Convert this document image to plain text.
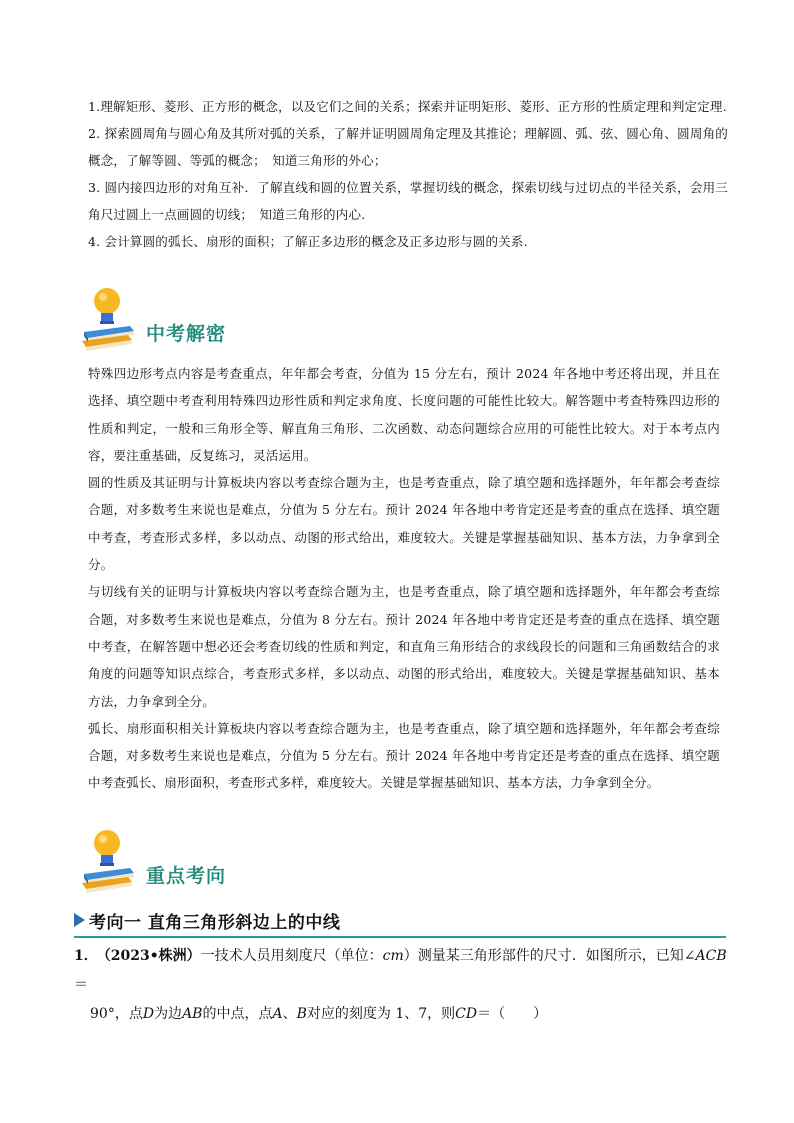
1.理解矩形、菱形、正方形的概念，以及它们之间的关系；探索并证明矩形、菱形、正方形的性质定理和判定定理.

2. 探索圆周角与圆心角及其所对弧的关系，了解并证明圆周角定理及其推论；理解圆、弧、弦、圆心角、圆周角的概念，了解等圆、等弧的概念；　知道三角形的外心；

3. 圆内接四边形的对角互补．了解直线和圆的位置关系，掌握切线的概念，探索切线与过切点的半径关系，会用三角尺过圆上一点画圆的切线；　知道三角形的内心.

4. 会计算圆的弧长、扇形的面积；了解正多边形的概念及正多边形与圆的关系.

中考解密

特殊四边形考点内容是考查重点，年年都会考查，分值为 15 分左右，预计 2024 年各地中考还将出现，并且在选择、填空题中考查利用特殊四边形性质和判定求角度、长度问题的可能性比较大。解答题中考查特殊四边形的性质和判定，一般和三角形全等、解直角三角形、二次函数、动态问题综合应用的可能性比较大。对于本考点内容，要注重基础，反复练习，灵活运用。

圆的性质及其证明与计算板块内容以考查综合题为主，也是考查重点，除了填空题和选择题外，年年都会考查综合题，对多数考生来说也是难点，分值为 5 分左右。预计 2024 年各地中考肯定还是考查的重点在选择、填空题中考查，考查形式多样，多以动点、动图的形式给出，难度较大。关键是掌握基础知识、基本方法，力争拿到全分。

与切线有关的证明与计算板块内容以考查综合题为主，也是考查重点，除了填空题和选择题外，年年都会考查综合题，对多数考生来说也是难点，分值为 8 分左右。预计 2024 年各地中考肯定还是考查的重点在选择、填空题中考查，在解答题中想必还会考查切线的性质和判定，和直角三角形结合的求线段长的问题和三角函数结合的求角度的问题等知识点综合，考查形式多样，多以动点、动图的形式给出，难度较大。关键是掌握基础知识、基本方法，力争拿到全分。

弧长、扇形面积相关计算板块内容以考查综合题为主，也是考查重点，除了填空题和选择题外，年年都会考查综合题，对多数考生来说也是难点，分值为 5 分左右。预计 2024 年各地中考肯定还是考查的重点在选择、填空题中考查弧长、扇形面积，考查形式多样，难度较大。关键是掌握基础知识、基本方法，力争拿到全分。

重点考向
考向一 直角三角形斜边上的中线

1． （2023•株洲）一技术人员用刻度尺（单位：cm）测量某三角形部件的尺寸．如图所示，已知∠ACB＝

90°，点D为边AB的中点，点A、B对应的刻度为 1、7，则CD＝（　　）
